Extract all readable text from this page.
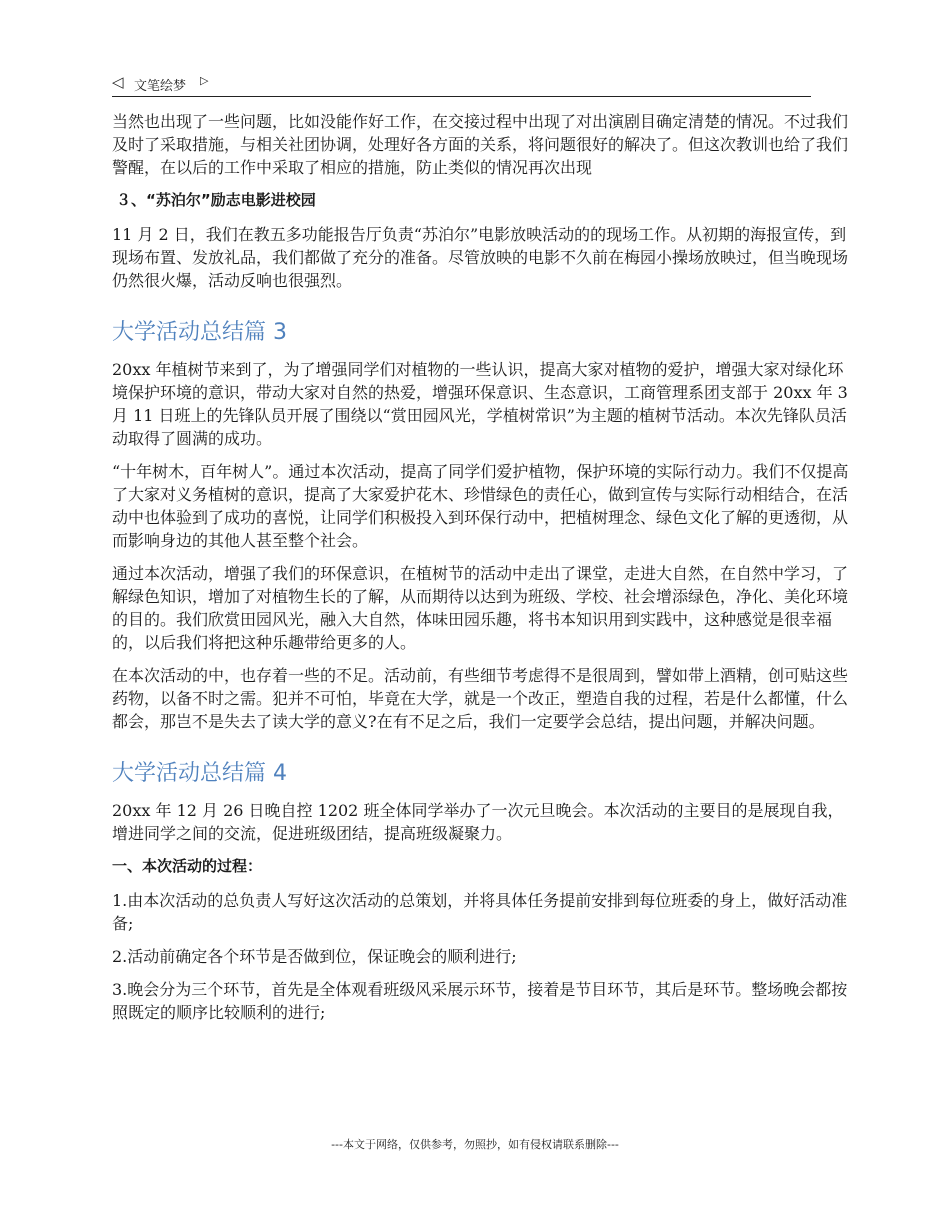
◁ 文笔绘梦 ▷

当然也出现了一些问题，比如没能作好工作，在交接过程中出现了对出演剧目确定清楚的情况。不过我们及时了采取措施，与相关社团协调，处理好各方面的关系，将问题很好的解决了。但这次教训也给了我们警醒，在以后的工作中采取了相应的措施，防止类似的情况再次出现

３、“苏泊尔”励志电影进校园

11 月 2 日，我们在教五多功能报告厅负责“苏泊尔”电影放映活动的的现场工作。从初期的海报宣传，到现场布置、发放礼品，我们都做了充分的准备。尽管放映的电影不久前在梅园小操场放映过，但当晚现场仍然很火爆，活动反响也很强烈。

大学活动总结篇 3

20xx 年植树节来到了，为了增强同学们对植物的一些认识，提高大家对植物的爱护，增强大家对绿化环境保护环境的意识，带动大家对自然的热爱，增强环保意识、生态意识，工商管理系团支部于 20xx 年 3 月 11 日班上的先锋队员开展了围绕以“赏田园风光，学植树常识”为主题的植树节活动。本次先锋队员活动取得了圆满的成功。

“十年树木，百年树人”。通过本次活动，提高了同学们爱护植物，保护环境的实际行动力。我们不仅提高了大家对义务植树的意识，提高了大家爱护花木、珍惜绿色的责任心，做到宣传与实际行动相结合，在活动中也体验到了成功的喜悦，让同学们积极投入到环保行动中，把植树理念、绿色文化了解的更透彻，从而影响身边的其他人甚至整个社会。

通过本次活动，增强了我们的环保意识，在植树节的活动中走出了课堂，走进大自然，在自然中学习，了解绿色知识，增加了对植物生长的了解，从而期待以达到为班级、学校、社会增添绿色，净化、美化环境的目的。我们欣赏田园风光，融入大自然，体味田园乐趣，将书本知识用到实践中，这种感觉是很幸福的，以后我们将把这种乐趣带给更多的人。

在本次活动的中，也存着一些的不足。活动前，有些细节考虑得不是很周到，譬如带上酒精，创可贴这些药物，以备不时之需。犯并不可怕，毕竟在大学，就是一个改正，塑造自我的过程，若是什么都懂，什么都会，那岂不是失去了读大学的意义?在有不足之后，我们一定要学会总结，提出问题，并解决问题。

大学活动总结篇 4

20xx 年 12 月 26 日晚自控 1202 班全体同学举办了一次元旦晚会。本次活动的主要目的是展现自我，增进同学之间的交流，促进班级团结，提高班级凝聚力。

一、本次活动的过程：

1.由本次活动的总负责人写好这次活动的总策划，并将具体任务提前安排到每位班委的身上，做好活动准备;

2.活动前确定各个环节是否做到位，保证晚会的顺利进行;

3.晚会分为三个环节，首先是全体观看班级风采展示环节，接着是节目环节，其后是环节。整场晚会都按照既定的顺序比较顺利的进行;

---本文于网络，仅供参考，勿照抄，如有侵权请联系删除---
